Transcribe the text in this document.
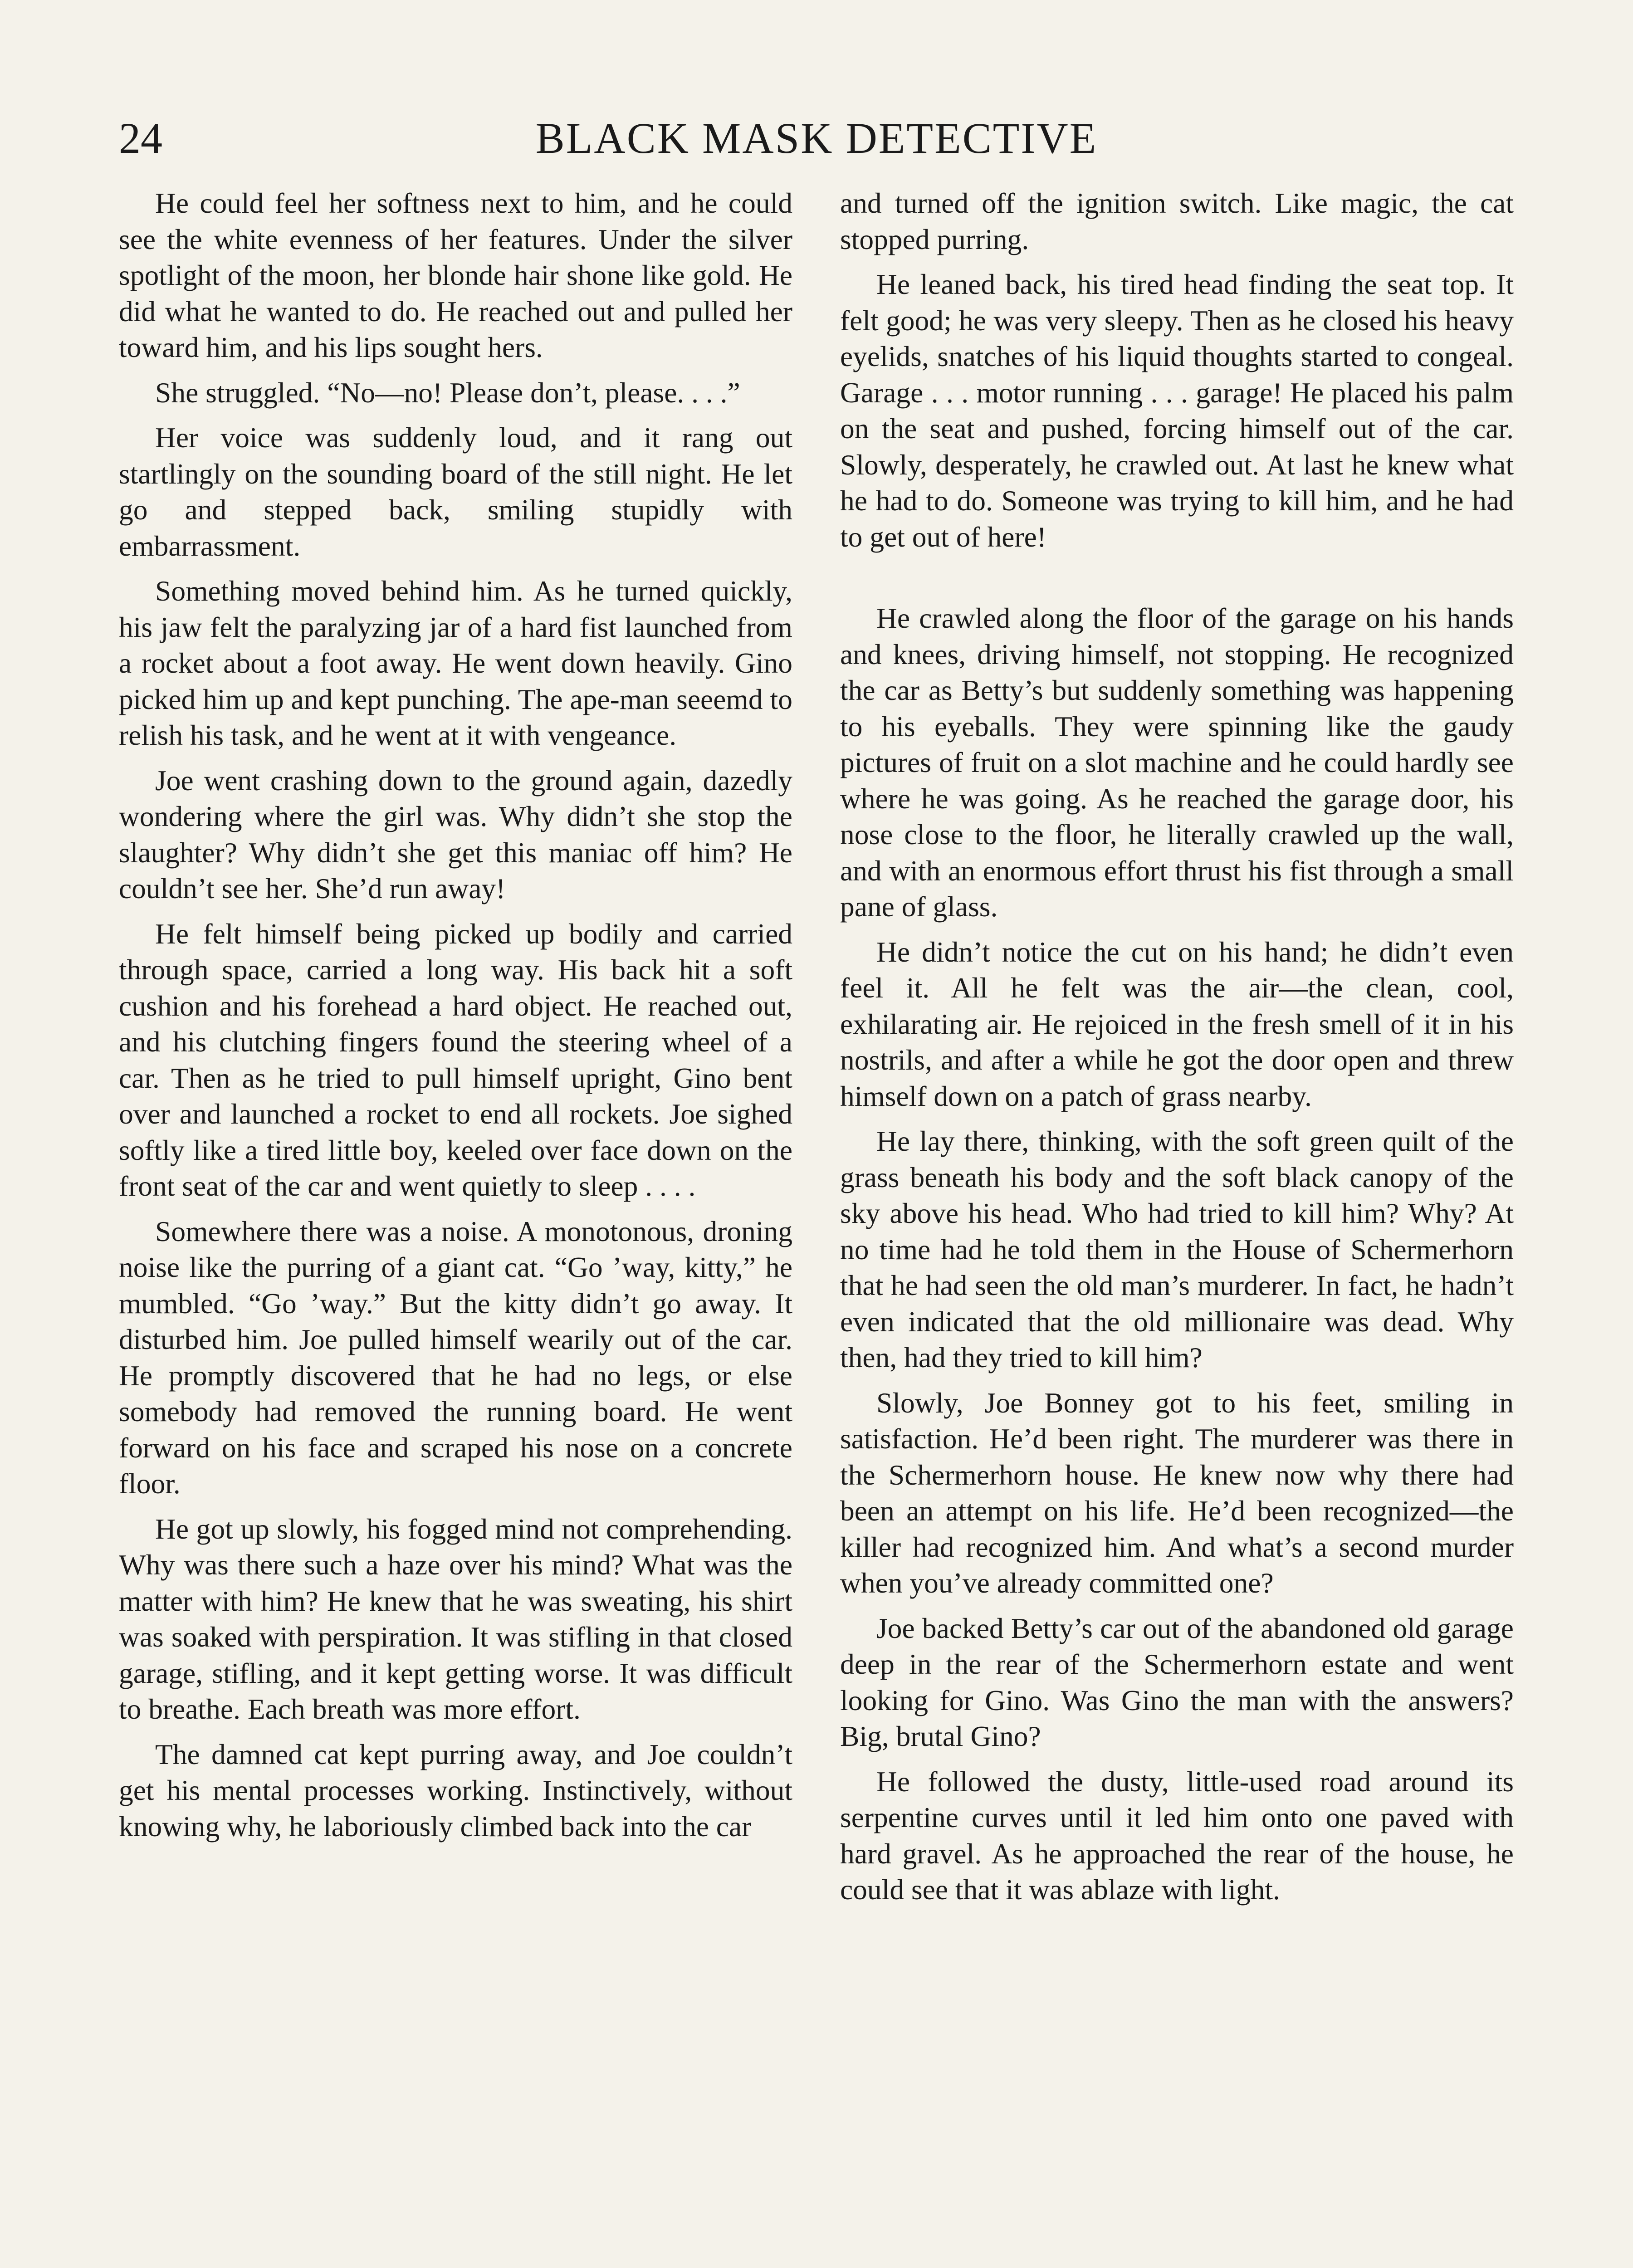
24	BLACK MASK DETECTIVE

He could feel her softness next to him, and he could see the white evenness of her features. Under the silver spotlight of the moon, her blonde hair shone like gold. He did what he wanted to do. He reached out and pulled her toward him, and his lips sought hers.

She struggled. “No—no! Please don’t, please. . . .”

Her voice was suddenly loud, and it rang out startlingly on the sounding board of the still night. He let go and stepped back, smiling stupidly with embarrassment.

Something moved behind him. As he turned quickly, his jaw felt the paralyzing jar of a hard fist launched from a rocket about a foot away. He went down heavily. Gino picked him up and kept punching. The ape-man seeemd to relish his task, and he went at it with vengeance.

Joe went crashing down to the ground again, dazedly wondering where the girl was. Why didn’t she stop the slaughter? Why didn’t she get this maniac off him? He couldn’t see her. She’d run away!

He felt himself being picked up bodily and carried through space, carried a long way. His back hit a soft cushion and his forehead a hard object. He reached out, and his clutching fingers found the steering wheel of a car. Then as he tried to pull himself upright, Gino bent over and launched a rocket to end all rockets. Joe sighed softly like a tired little boy, keeled over face down on the front seat of the car and went quietly to sleep . . . .

Somewhere there was a noise. A monotonous, droning noise like the purring of a giant cat. “Go ’way, kitty,” he mumbled. “Go ’way.” But the kitty didn’t go away. It disturbed him. Joe pulled himself wearily out of the car. He promptly discovered that he had no legs, or else somebody had removed the running board. He went forward on his face and scraped his nose on a concrete floor.

He got up slowly, his fogged mind not comprehending. Why was there such a haze over his mind? What was the matter with him? He knew that he was sweating, his shirt was soaked with perspiration. It was stifling in that closed garage, stifling, and it kept getting worse. It was difficult to breathe. Each breath was more effort.

The damned cat kept purring away, and Joe couldn’t get his mental processes working. Instinctively, without knowing why, he laboriously climbed back into the car

and turned off the ignition switch. Like magic, the cat stopped purring.

He leaned back, his tired head finding the seat top. It felt good; he was very sleepy. Then as he closed his heavy eyelids, snatches of his liquid thoughts started to congeal. Garage . . . motor running . . . garage! He placed his palm on the seat and pushed, forcing himself out of the car. Slowly, desperately, he crawled out. At last he knew what he had to do. Someone was trying to kill him, and he had to get out of here!

He crawled along the floor of the garage on his hands and knees, driving himself, not stopping. He recognized the car as Betty’s but suddenly something was happening to his eyeballs. They were spinning like the gaudy pictures of fruit on a slot machine and he could hardly see where he was going. As he reached the garage door, his nose close to the floor, he literally crawled up the wall, and with an enormous effort thrust his fist through a small pane of glass.

He didn’t notice the cut on his hand; he didn’t even feel it. All he felt was the air—the clean, cool, exhilarating air. He rejoiced in the fresh smell of it in his nostrils, and after a while he got the door open and threw himself down on a patch of grass nearby.

He lay there, thinking, with the soft green quilt of the grass beneath his body and the soft black canopy of the sky above his head. Who had tried to kill him? Why? At no time had he told them in the House of Schermerhorn that he had seen the old man’s murderer. In fact, he hadn’t even indicated that the old millionaire was dead. Why then, had they tried to kill him?

Slowly, Joe Bonney got to his feet, smiling in satisfaction. He’d been right. The murderer was there in the Schermerhorn house. He knew now why there had been an attempt on his life. He’d been recognized—the killer had recognized him. And what’s a second murder when you’ve already committed one?

Joe backed Betty’s car out of the abandoned old garage deep in the rear of the Schermerhorn estate and went looking for Gino. Was Gino the man with the answers? Big, brutal Gino?

He followed the dusty, little-used road around its serpentine curves until it led him onto one paved with hard gravel. As he approached the rear of the house, he could see that it was ablaze with light.
